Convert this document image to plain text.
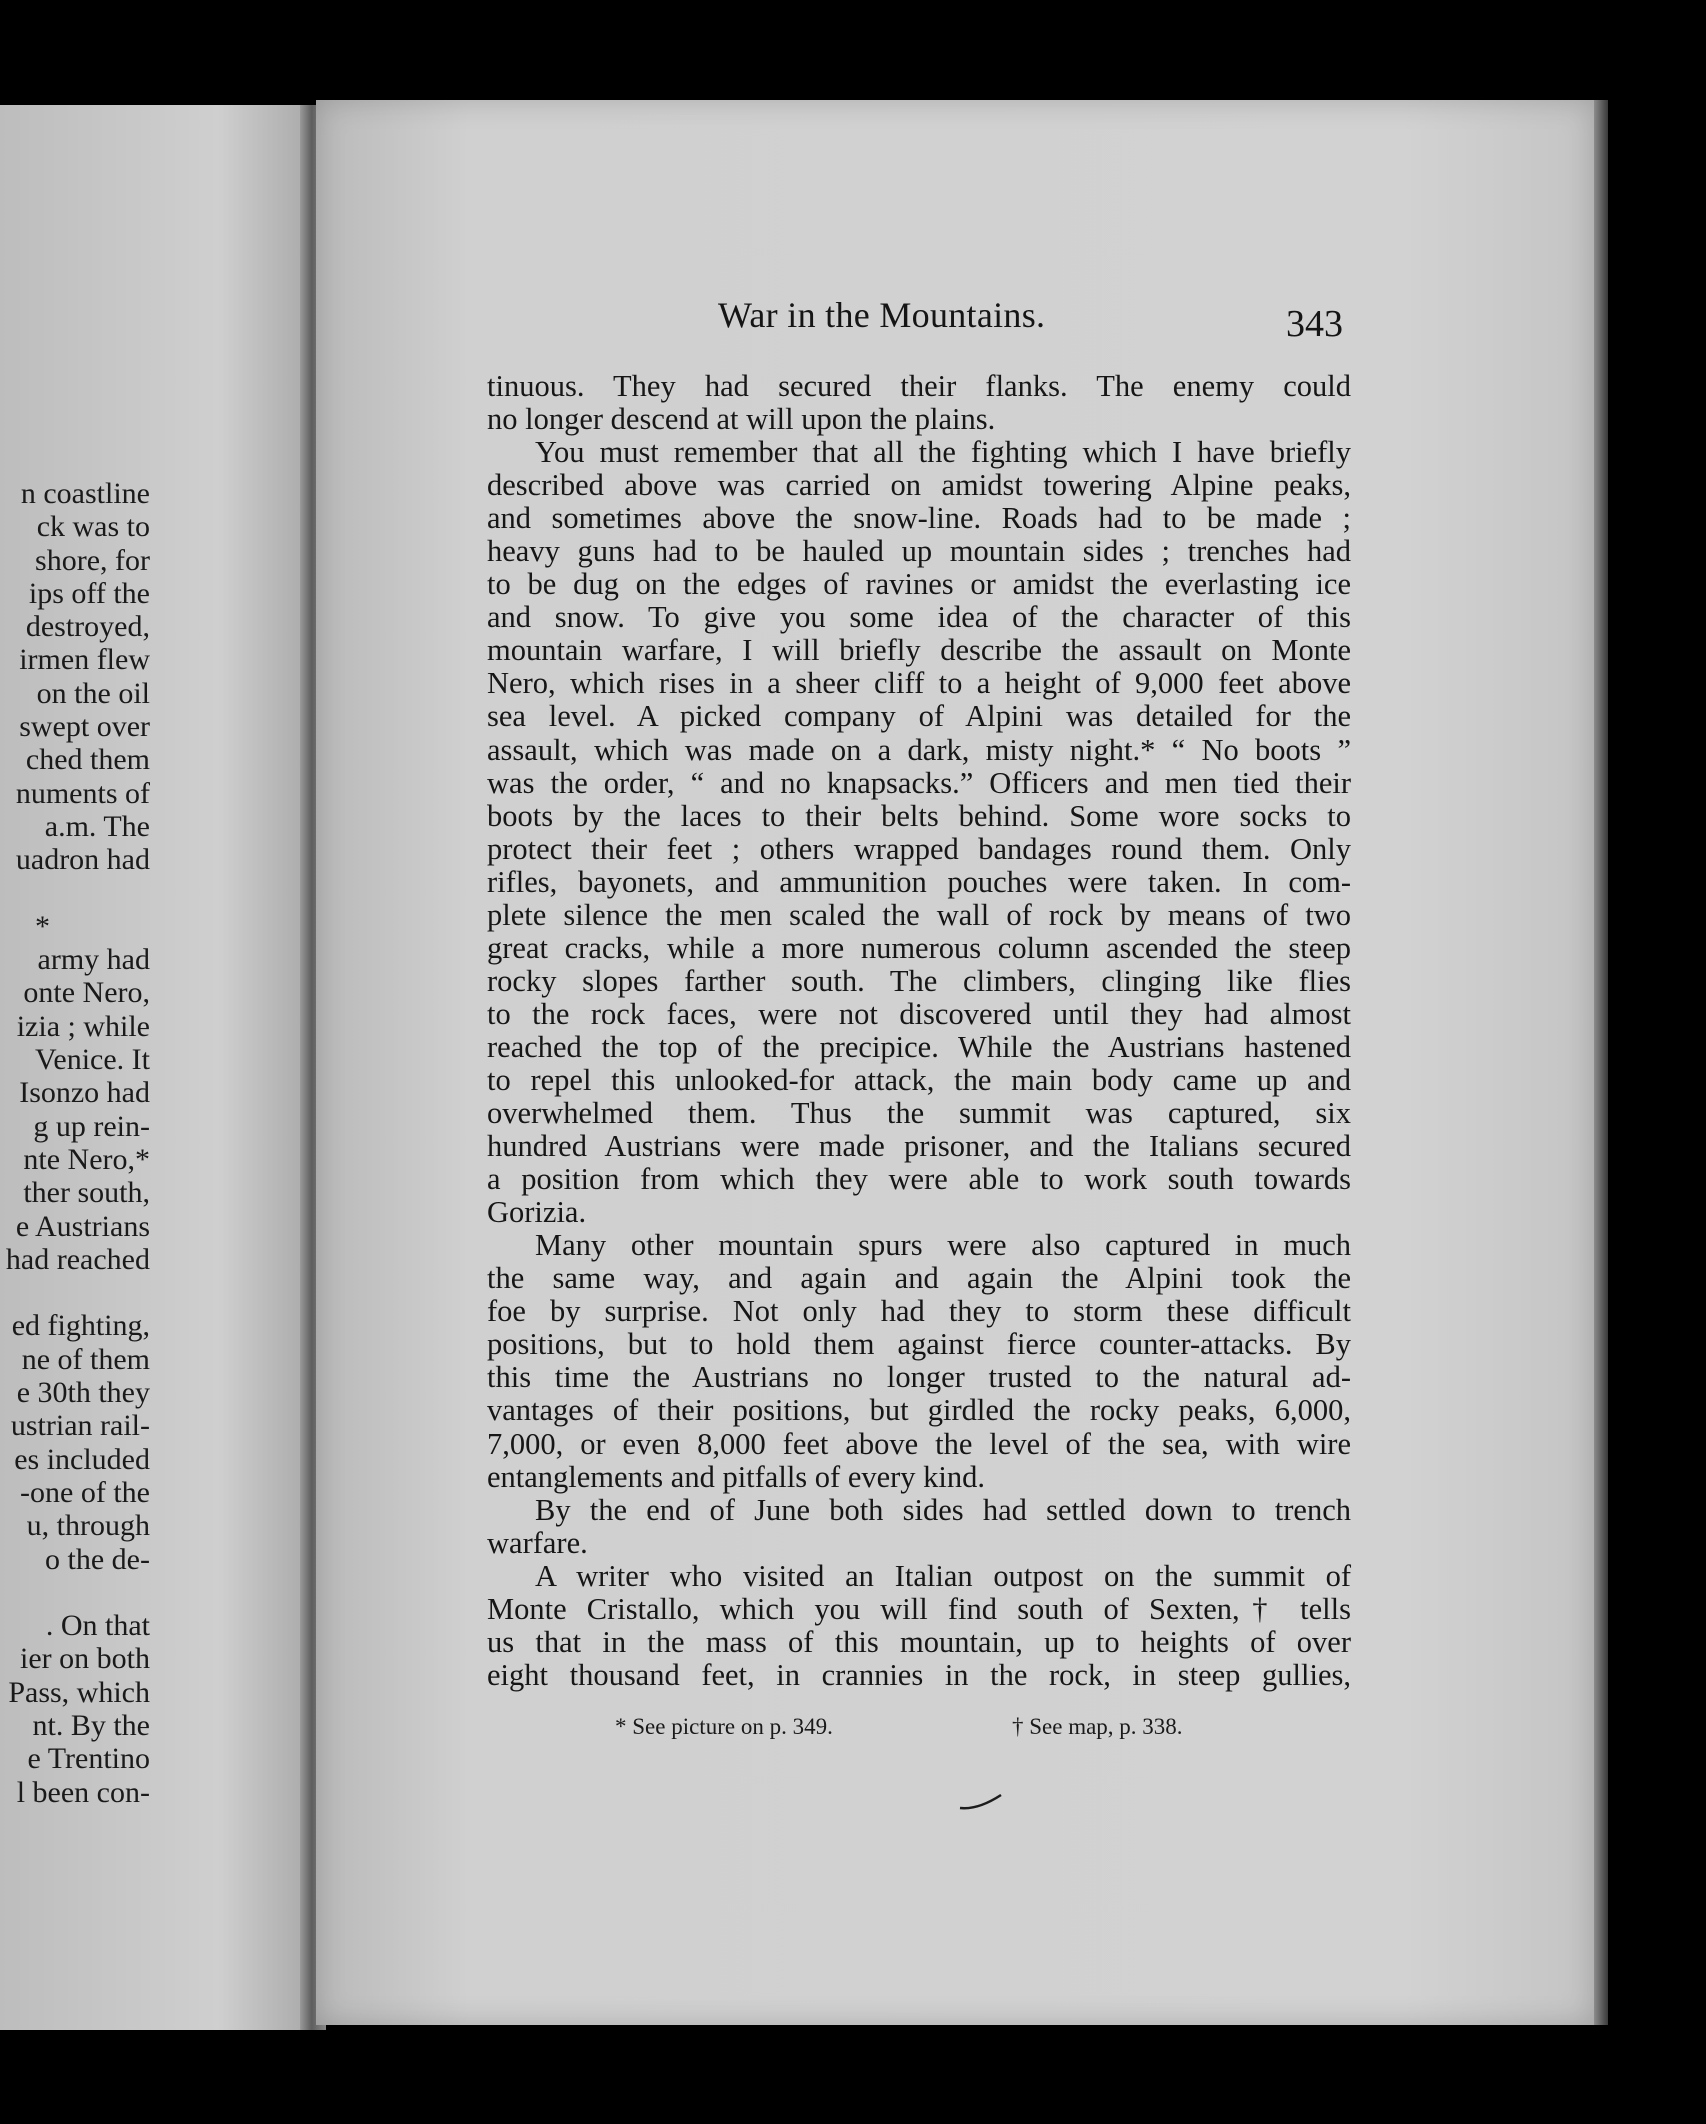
n coastline
ck was to
shore, for
ips off the
destroyed,
irmen flew
on the oil
swept over
ched them
numents of
a.m. The
uadron had
*
army had
onte Nero,
izia ; while
Venice. It
Isonzo had
g up rein-
nte Nero,*
ther south,
e Austrians
had reached
ed fighting,
ne of them
e 30th they
ustrian rail-
es included
-one of the
u, through
o the de-
. On that
ier on both
Pass, which
nt. By the
e Trentino
l been con-
War in the Mountains.	343
tinuous. They had secured their flanks. The enemy could
no longer descend at will upon the plains.
You must remember that all the fighting which I have briefly
described above was carried on amidst towering Alpine peaks,
and sometimes above the snow-line. Roads had to be made ;
heavy guns had to be hauled up mountain sides ; trenches had
to be dug on the edges of ravines or amidst the everlasting ice
and snow. To give you some idea of the character of this
mountain warfare, I will briefly describe the assault on Monte
Nero, which rises in a sheer cliff to a height of 9,000 feet above
sea level. A picked company of Alpini was detailed for the
assault, which was made on a dark, misty night.* “ No boots ”
was the order, “ and no knapsacks.” Officers and men tied their
boots by the laces to their belts behind. Some wore socks to
protect their feet ; others wrapped bandages round them. Only
rifles, bayonets, and ammunition pouches were taken. In com-
plete silence the men scaled the wall of rock by means of two
great cracks, while a more numerous column ascended the steep
rocky slopes farther south. The climbers, clinging like flies
to the rock faces, were not discovered until they had almost
reached the top of the precipice. While the Austrians hastened
to repel this unlooked-for attack, the main body came up and
overwhelmed them. Thus the summit was captured, six
hundred Austrians were made prisoner, and the Italians secured
a position from which they were able to work south towards
Gorizia.
Many other mountain spurs were also captured in much
the same way, and again and again the Alpini took the
foe by surprise. Not only had they to storm these difficult
positions, but to hold them against fierce counter-attacks. By
this time the Austrians no longer trusted to the natural ad-
vantages of their positions, but girdled the rocky peaks, 6,000,
7,000, or even 8,000 feet above the level of the sea, with wire
entanglements and pitfalls of every kind.
By the end of June both sides had settled down to trench
warfare.
A writer who visited an Italian outpost on the summit of
Monte Cristallo, which you will find south of Sexten,† tells
us that in the mass of this mountain, up to heights of over
eight thousand feet, in crannies in the rock, in steep gullies,
* See picture on p. 349.	† See map, p. 338.
